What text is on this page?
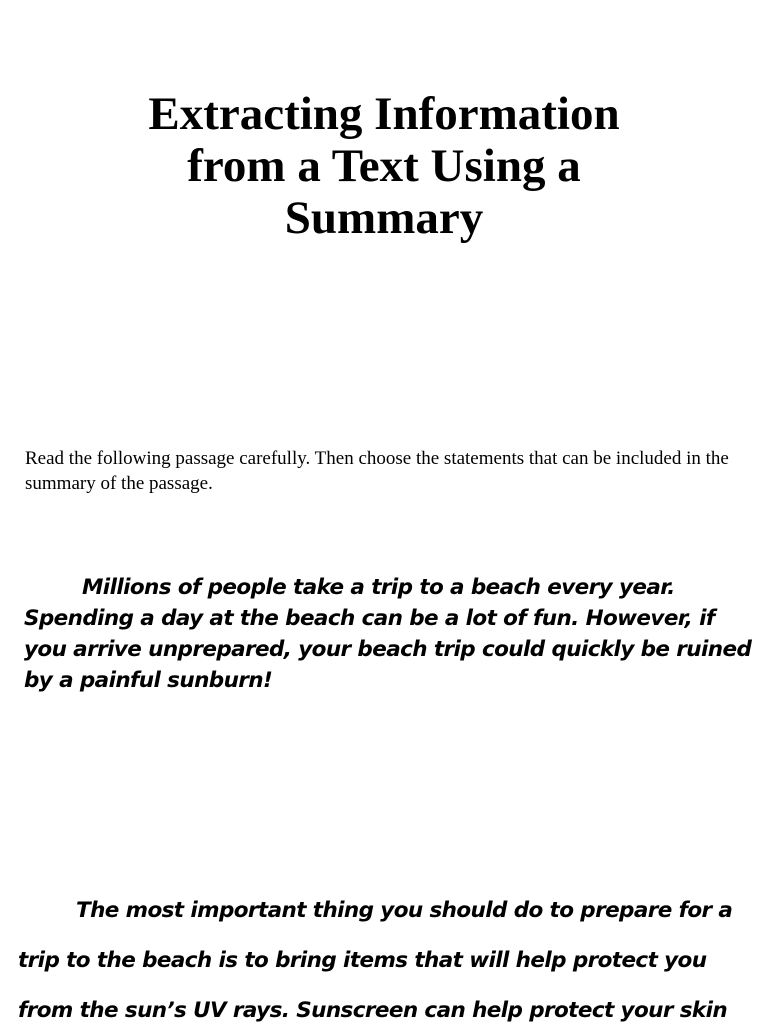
Extracting Information
from a Text Using a
Summary

Read the following passage carefully. Then choose the statements that can be included in the summary of the passage.

Millions of people take a trip to a beach every year.
Spending a day at the beach can be a lot of fun. However, if
you arrive unprepared, your beach trip could quickly be ruined
by a painful sunburn!

The most important thing you should do to prepare for a
trip to the beach is to bring items that will help protect you
from the sun’s UV rays. Sunscreen can help protect your skin
